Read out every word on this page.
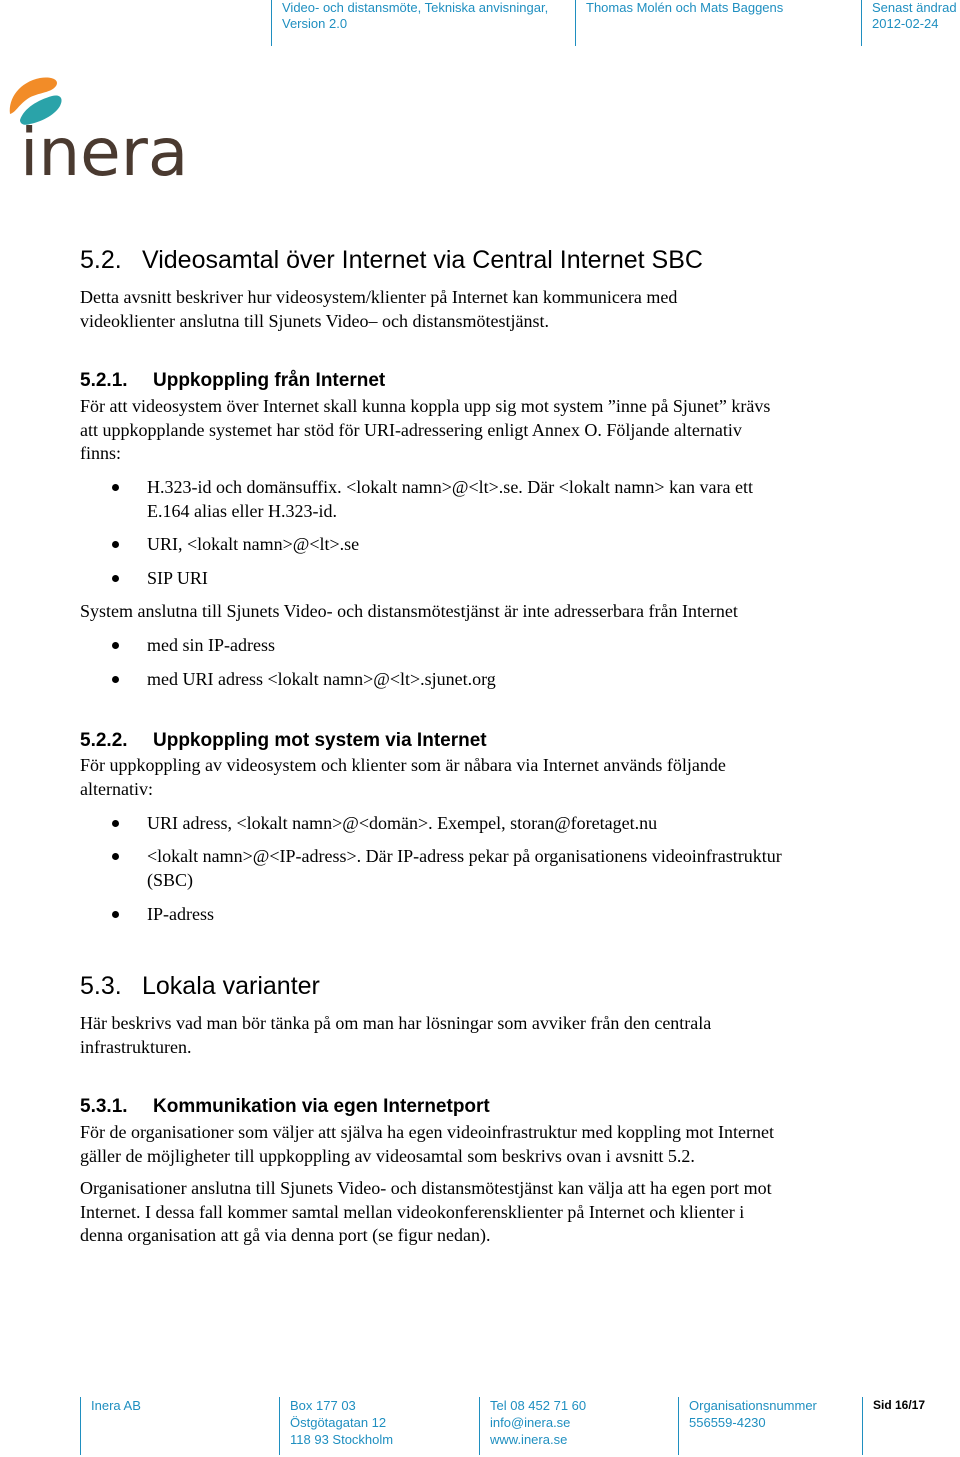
Video- och distansmöte, Tekniska anvisningar,
Version 2.0
Thomas Molén och Mats Baggens	Senast ändrad
2012-02-24
inera
5.2. Videosamtal över Internet via Central Internet SBC
Detta avsnitt beskriver hur videosystem/klienter på Internet kan kommunicera med
videoklienter anslutna till Sjunets Video– och distansmötestjänst.
5.2.1. Uppkoppling från Internet
För att videosystem över Internet skall kunna koppla upp sig mot system ”inne på Sjunet” krävs
att uppkopplande systemet har stöd för URI-adressering enligt Annex O. Följande alternativ
finns:
H.323-id och domänsuffix. <lokalt namn>@<lt>.se. Där <lokalt namn> kan vara ett
E.164 alias eller H.323-id.
URI, <lokalt namn>@<lt>.se
SIP URI
System anslutna till Sjunets Video- och distansmötestjänst är inte adresserbara från Internet
med sin IP-adress
med URI adress <lokalt namn>@<lt>.sjunet.org
5.2.2. Uppkoppling mot system via Internet
För uppkoppling av videosystem och klienter som är nåbara via Internet används följande
alternativ:
URI adress, <lokalt namn>@<domän>. Exempel, storan@foretaget.nu
<lokalt namn>@<IP-adress>. Där IP-adress pekar på organisationens videoinfrastruktur
(SBC)
IP-adress
5.3. Lokala varianter
Här beskrivs vad man bör tänka på om man har lösningar som avviker från den centrala
infrastrukturen.
5.3.1. Kommunikation via egen Internetport
För de organisationer som väljer att själva ha egen videoinfrastruktur med koppling mot Internet
gäller de möjligheter till uppkoppling av videosamtal som beskrivs ovan i avsnitt 5.2.
Organisationer anslutna till Sjunets Video- och distansmötestjänst kan välja att ha egen port mot
Internet. I dessa fall kommer samtal mellan videokonferensklienter på Internet och klienter i
denna organisation att gå via denna port (se figur nedan).
Inera AB	Box 177 03
Östgötagatan 12
118 93 Stockholm
Tel 08 452 71 60
info@inera.se
www.inera.se
Organisationsnummer
556559-4230
Sid 16/17
